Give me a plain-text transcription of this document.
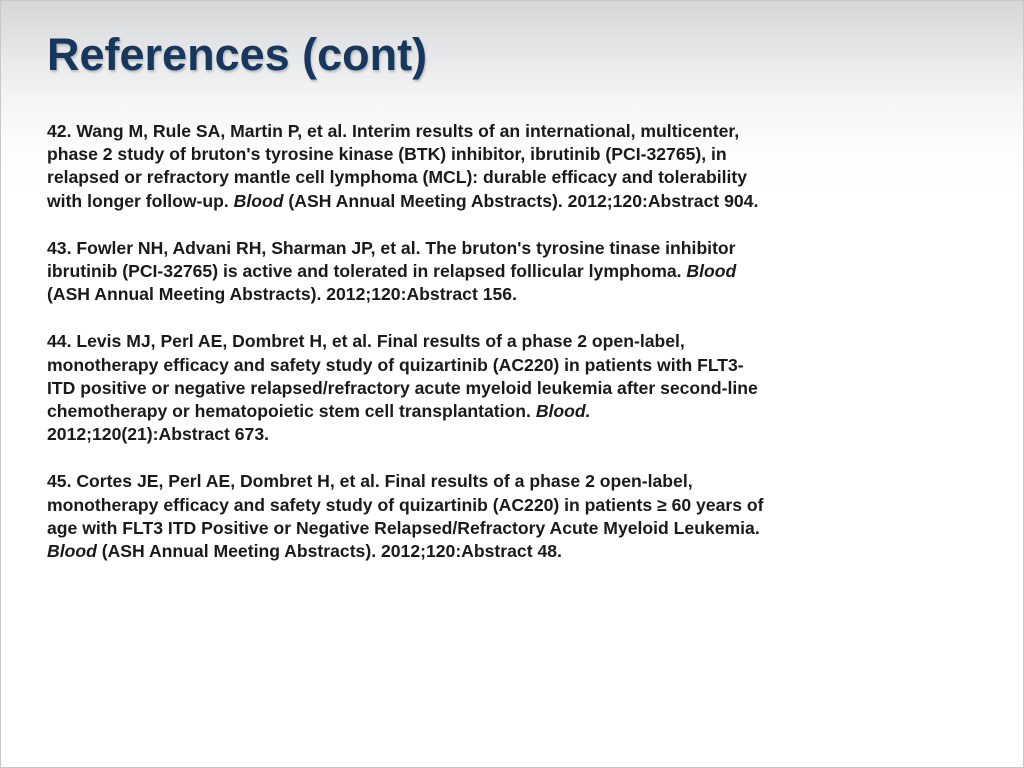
References (cont)

42. Wang M, Rule SA, Martin P, et al. Interim results of an international, multicenter,
phase 2 study of bruton's tyrosine kinase (BTK) inhibitor, ibrutinib (PCI-32765), in
relapsed or refractory mantle cell lymphoma (MCL): durable efficacy and tolerability
with longer follow-up. Blood (ASH Annual Meeting Abstracts). 2012;120:Abstract 904.

43. Fowler NH, Advani RH, Sharman JP, et al. The bruton's tyrosine tinase inhibitor
ibrutinib (PCI-32765) is active and tolerated in relapsed follicular lymphoma. Blood
(ASH Annual Meeting Abstracts). 2012;120:Abstract 156.

44. Levis MJ, Perl AE, Dombret H, et al. Final results of a phase 2 open-label,
monotherapy efficacy and safety study of quizartinib (AC220) in patients with FLT3-
ITD positive or negative relapsed/refractory acute myeloid leukemia after second-line
chemotherapy or hematopoietic stem cell transplantation. Blood.
2012;120(21):Abstract 673.

45. Cortes JE, Perl AE, Dombret H, et al. Final results of a phase 2 open-label,
monotherapy efficacy and safety study of quizartinib (AC220) in patients ≥ 60 years of
age with FLT3 ITD Positive or Negative Relapsed/Refractory Acute Myeloid Leukemia.
Blood (ASH Annual Meeting Abstracts). 2012;120:Abstract 48.
